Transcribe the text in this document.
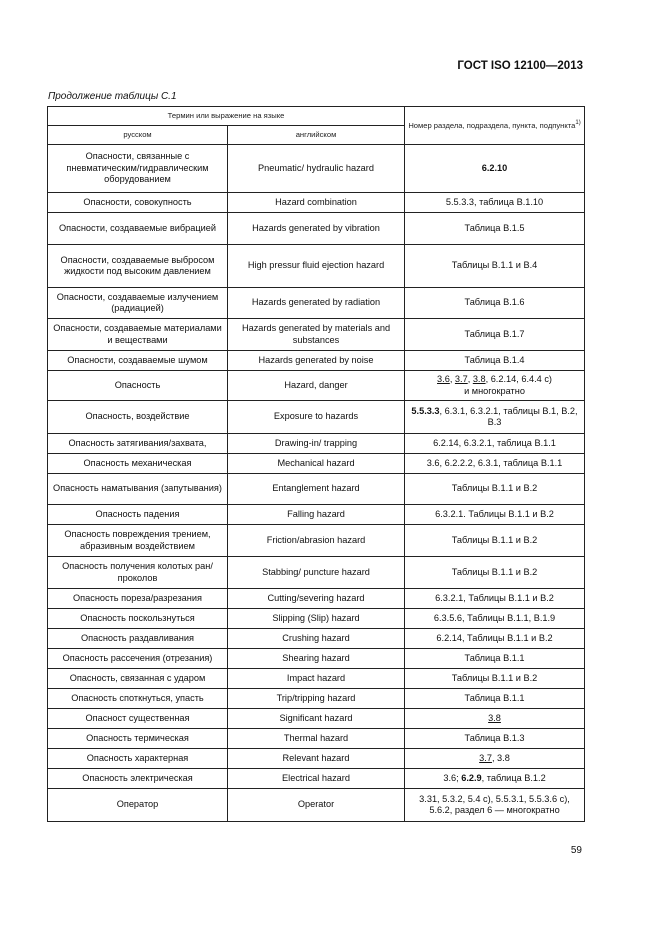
ГОСТ ISO 12100—2013
Продолжение таблицы С.1
Термин или выражение на языке		Номер раздела, подраздела, пункта, подпункта$^{1)}$
русском	английском	
Опасности, связанные с пневматическим/гидравлическим оборудованием	Pneumatic/ hydraulic hazard	6.2.10
Опасности, совокупность	Hazard combination	5.5.3.3, таблица В.1.10
Опасности, создаваемые вибрацией	Hazards generated by vibration	Таблица В.1.5
Опасности, создаваемые выбросом жидкости под высоким давлением	High pressur fluid ejection hazard	Таблицы В.1.1 и В.4
Опасности, создаваемые излучением (радиацией)	Hazards generated by radiation	Таблица В.1.6
Опасности, создаваемые материалами и веществами	Hazards generated by materials and substances	Таблица В.1.7
Опасности, создаваемые шумом	Hazards generated by noise	Таблица В.1.4
Опасность	Hazard, danger	3.6, 3.7, 3.8, 6.2.14, 6.4.4 с)
и многократно
Опасность, воздействие	Exposure to hazards	5.5.3.3, 6.3.1, 6.3.2.1, таблицы В.1, В.2, В.3
Опасность затягивания/захвата,	Drawing-in/ trapping	6.2.14, 6.3.2.1, таблица В.1.1
Опасность механическая	Mechanical hazard	3.6, 6.2.2.2, 6.3.1, таблица В.1.1
Опасность наматывания (запутывания)	Entanglement hazard	Таблицы В.1.1 и В.2
Опасность падения	Falling hazard	6.3.2.1. Таблицы В.1.1 и В.2
Опасность повреждения трением, абразивным воздействием	Friction/abrasion hazard	Таблицы В.1.1 и В.2
Опасность получения колотых ран/ проколов	Stabbing/ puncture hazard	Таблицы В.1.1 и В.2
Опасность пореза/разрезания	Cutting/severing hazard	6.3.2.1, Таблицы В.1.1 и В.2
Опасность поскользнуться	Slipping (Slip) hazard	6.3.5.6, Таблицы В.1.1, В.1.9
Опасность раздавливания	Crushing hazard	6.2.14, Таблицы В.1.1 и В.2
Опасность рассечения (отрезания)	Shearing hazard	Таблица В.1.1
Опасность, связанная с ударом	Impact hazard	Таблицы В.1.1 и В.2
Опасность споткнуться, упасть	Trip/tripping hazard	Таблица В.1.1
Опасност существенная	Significant hazard	3.8
Опасность термическая	Thermal hazard	Таблица В.1.3
Опасность характерная	Relevant hazard	3.7, 3.8
Опасность электрическая	Electrical hazard	3.6; 6.2.9, таблица В.1.2
Оператор	Operator	3.31, 5.3.2, 5.4 с), 5.5.3.1, 5.5.3.6 с), 5.6.2, раздел 6 — многократно
59
